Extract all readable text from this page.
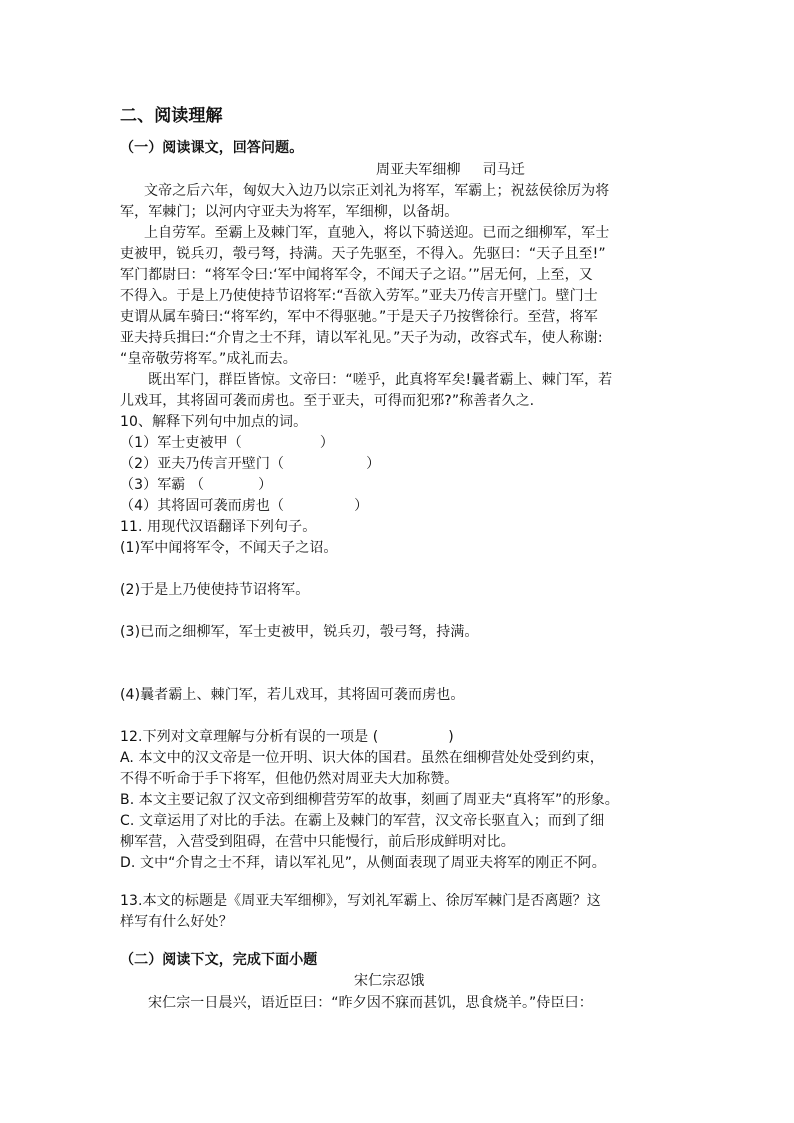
二、阅读理解
（一）阅读课文，回答问题。
周亚夫军细柳 司马迁
文帝之后六年，匈奴大入边乃以宗正刘礼为将军，军霸上；祝兹侯徐厉为将
军，军棘门；以河内守亚夫为将军，军细柳，以备胡。
上自劳军。至霸上及棘门军，直驰入，将以下骑送迎。已而之细柳军，军士
吏被甲，锐兵刃，彀弓弩，持满。天子先驱至，不得入。先驱曰：“天子且至!”
军门都尉曰：“将军令曰:‘军中闻将军令，不闻天子之诏。’”居无何，上至，又
不得入。于是上乃使使持节诏将军:“吾欲入劳军。”亚夫乃传言开壁门。壁门士
吏谓从属车骑曰:“将军约，军中不得驱驰。”于是天子乃按辔徐行。至营，将军
亚夫持兵揖曰:“介胄之士不拜，请以军礼见。”天子为动，改容式车，使人称谢:
“皇帝敬劳将军。”成礼而去。
既出军门，群臣皆惊。文帝曰：“嗟乎，此真将军矣!曩者霸上、棘门军，若
儿戏耳，其将固可袭而虏也。至于亚夫，可得而犯邪?”称善者久之.
10、解释下列句中加点的词。
（1）军士吏被甲（	）
（2）亚夫乃传言开壁门（	）
（3）军霸 （	）
（4）其将固可袭而虏也（	）
11. 用现代汉语翻译下列句子。
(1)军中闻将军令，不闻天子之诏。
(2)于是上乃使使持节诏将军。
(3)已而之细柳军，军士吏被甲，锐兵刃，彀弓弩，持满。
(4)曩者霸上、棘门军，若儿戏耳，其将固可袭而虏也。
12.下列对文章理解与分析有误的一项是 (	)
A. 本文中的汉文帝是一位开明、识大体的国君。虽然在细柳营处处受到约束，
不得不听命于手下将军，但他仍然对周亚夫大加称赞。
B. 本文主要记叙了汉文帝到细柳营劳军的故事，刻画了周亚夫“真将军”的形象。
C. 文章运用了对比的手法。在霸上及棘门的军营，汉文帝长驱直入；而到了细
柳军营，入营受到阻碍，在营中只能慢行，前后形成鲜明对比。
D. 文中“介胄之士不拜，请以军礼见”，从侧面表现了周亚夫将军的刚正不阿。
13.本文的标题是《周亚夫军细柳》，写刘礼军霸上、徐厉军棘门是否离题？这
样写有什么好处？
（二）阅读下文，完成下面小题
宋仁宗忍饿
宋仁宗一日晨兴，语近臣曰：“昨夕因不寐而甚饥，思食烧羊。”侍臣曰：
